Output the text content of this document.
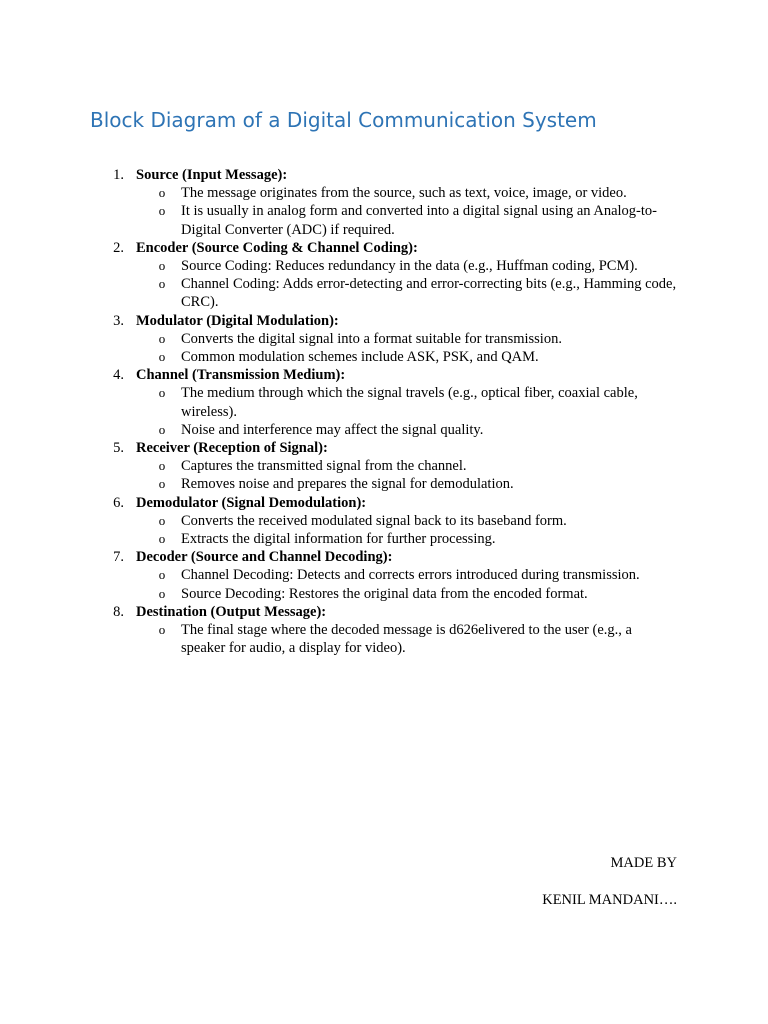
Block Diagram of a Digital Communication System
1. Source (Input Message):
o The message originates from the source, such as text, voice, image, or video.
o It is usually in analog form and converted into a digital signal using an Analog-to-Digital Converter (ADC) if required.
2. Encoder (Source Coding & Channel Coding):
o Source Coding: Reduces redundancy in the data (e.g., Huffman coding, PCM).
o Channel Coding: Adds error-detecting and error-correcting bits (e.g., Hamming code, CRC).
3. Modulator (Digital Modulation):
o Converts the digital signal into a format suitable for transmission.
o Common modulation schemes include ASK, PSK, and QAM.
4. Channel (Transmission Medium):
o The medium through which the signal travels (e.g., optical fiber, coaxial cable, wireless).
o Noise and interference may affect the signal quality.
5. Receiver (Reception of Signal):
o Captures the transmitted signal from the channel.
o Removes noise and prepares the signal for demodulation.
6. Demodulator (Signal Demodulation):
o Converts the received modulated signal back to its baseband form.
o Extracts the digital information for further processing.
7. Decoder (Source and Channel Decoding):
o Channel Decoding: Detects and corrects errors introduced during transmission.
o Source Decoding: Restores the original data from the encoded format.
8. Destination (Output Message):
o The final stage where the decoded message is d626elivered to the user (e.g., a speaker for audio, a display for video).
MADE BY
KENIL MANDANI….
